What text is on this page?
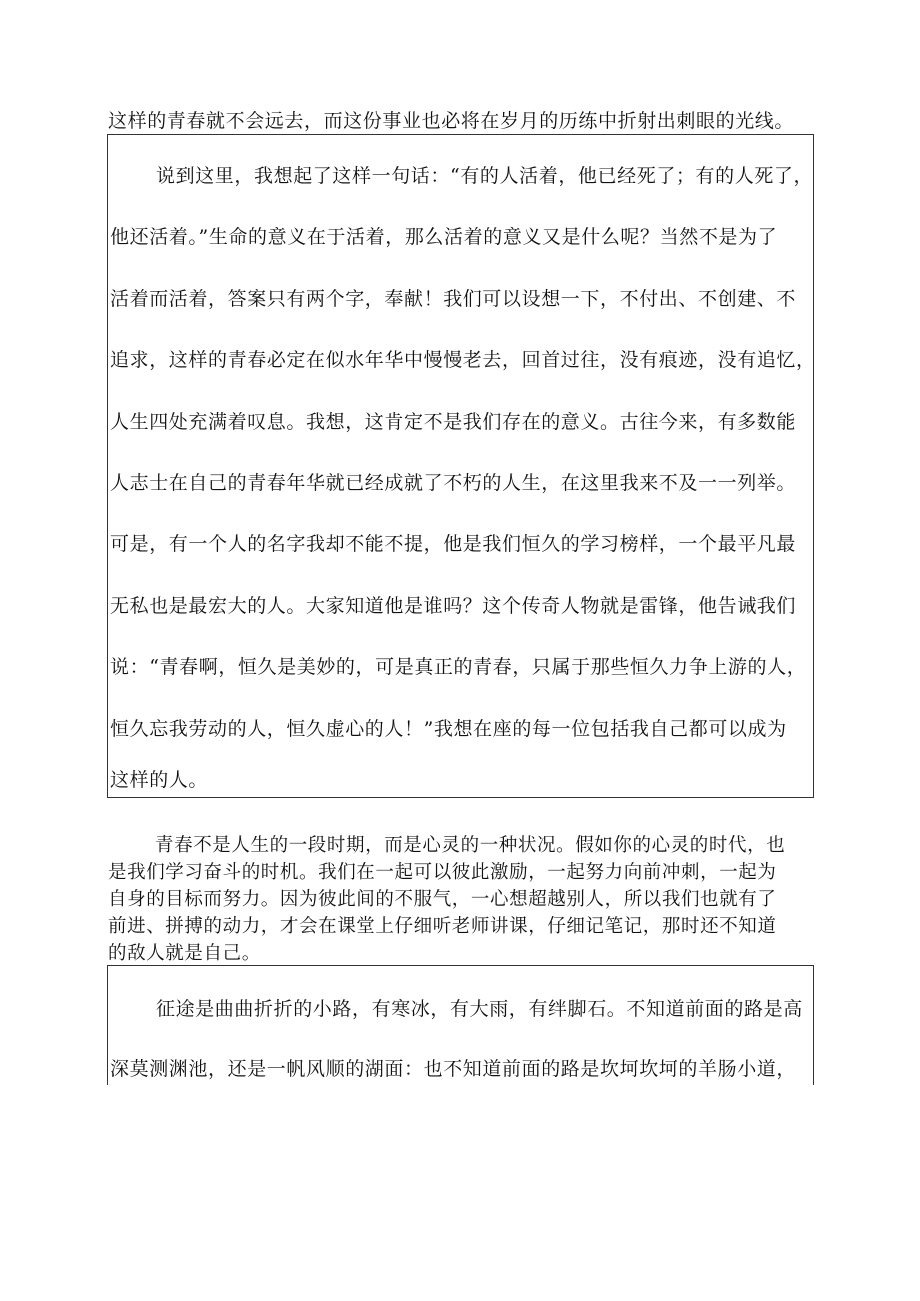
这样的青春就不会远去，而这份事业也必将在岁月的历练中折射出刺眼的光线。
说到这里，我想起了这样一句话：“有的人活着，他已经死了；有的人死了，
他还活着。”生命的意义在于活着，那么活着的意义又是什么呢？当然不是为了
活着而活着，答案只有两个字，奉献！我们可以设想一下，不付出、不创建、不
追求，这样的青春必定在似水年华中慢慢老去，回首过往，没有痕迹，没有追忆，
人生四处充满着叹息。我想，这肯定不是我们存在的意义。古往今来，有多数能
人志士在自己的青春年华就已经成就了不朽的人生，在这里我来不及一一列举。
可是，有一个人的名字我却不能不提，他是我们恒久的学习榜样，一个最平凡最
无私也是最宏大的人。大家知道他是谁吗？这个传奇人物就是雷锋，他告诫我们
说：“青春啊，恒久是美妙的，可是真正的青春，只属于那些恒久力争上游的人，
恒久忘我劳动的人，恒久虚心的人！”我想在座的每一位包括我自己都可以成为
这样的人。
青春不是人生的一段时期，而是心灵的一种状况。假如你的心灵的时代，也
是我们学习奋斗的时机。我们在一起可以彼此激励，一起努力向前冲刺，一起为
自身的目标而努力。因为彼此间的不服气，一心想超越别人，所以我们也就有了
前进、拼搏的动力，才会在课堂上仔细听老师讲课，仔细记笔记，那时还不知道
的敌人就是自己。
征途是曲曲折折的小路，有寒冰，有大雨，有绊脚石。不知道前面的路是高
深莫测渊池，还是一帆风顺的湖面：也不知道前面的路是坎坷坎坷的羊肠小道，
